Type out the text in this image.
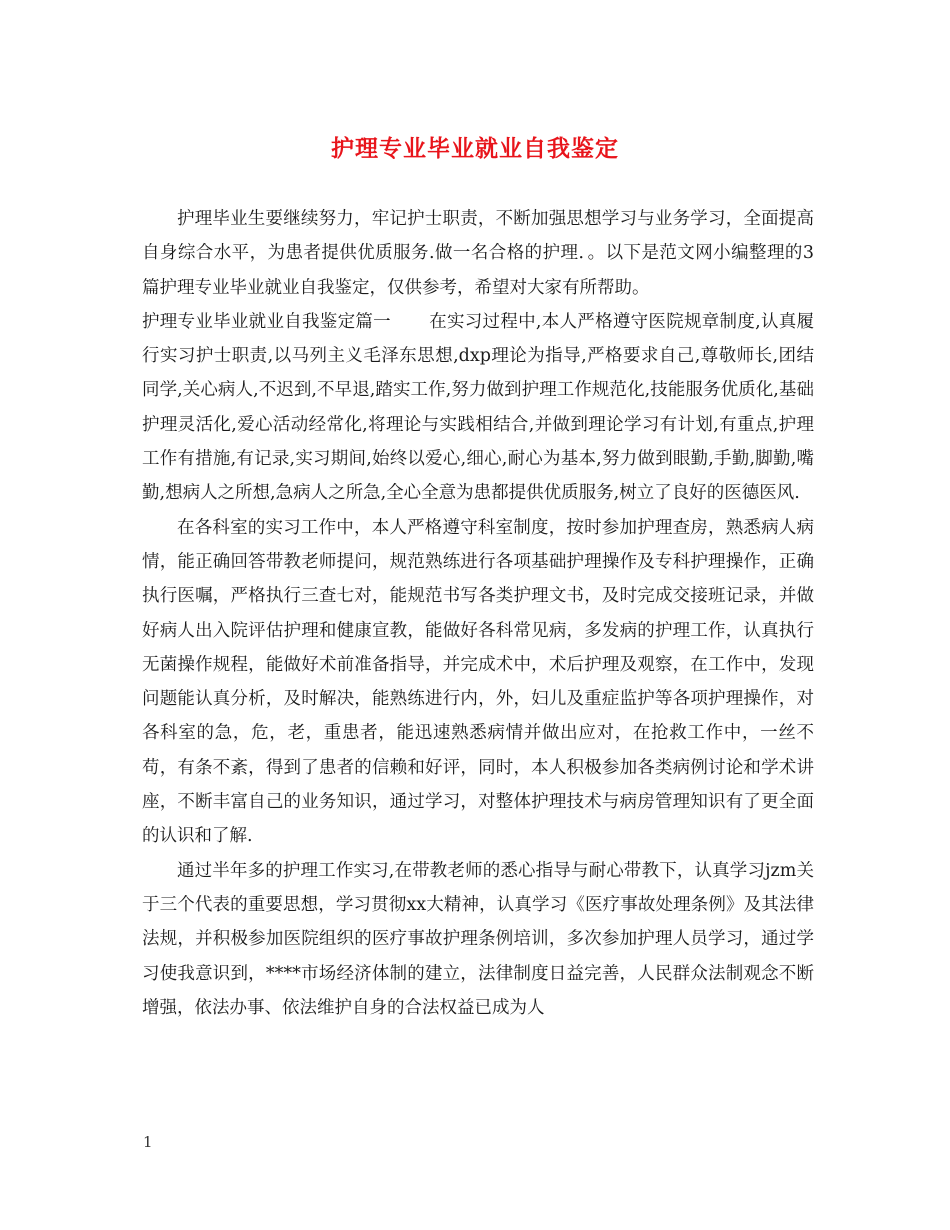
护理专业毕业就业自我鉴定

护理毕业生要继续努力，牢记护士职责，不断加强思想学习与业务学习，全面提高自身综合水平，为患者提供优质服务.做一名合格的护理．。以下是范文网小编整理的3篇护理专业毕业就业自我鉴定，仅供参考，希望对大家有所帮助。

护理专业毕业就业自我鉴定篇一 在实习过程中,本人严格遵守医院规章制度,认真履行实习护士职责,以马列主义毛泽东思想,dxp理论为指导,严格要求自己,尊敬师长,团结同学,关心病人,不迟到,不早退,踏实工作,努力做到护理工作规范化,技能服务优质化,基础护理灵活化,爱心活动经常化,将理论与实践相结合,并做到理论学习有计划,有重点,护理工作有措施,有记录,实习期间,始终以爱心,细心,耐心为基本,努力做到眼勤,手勤,脚勤,嘴勤,想病人之所想,急病人之所急,全心全意为患都提供优质服务,树立了良好的医德医风.

在各科室的实习工作中，本人严格遵守科室制度，按时参加护理查房，熟悉病人病情，能正确回答带教老师提问，规范熟练进行各项基础护理操作及专科护理操作，正确执行医嘱，严格执行三查七对，能规范书写各类护理文书，及时完成交接班记录，并做好病人出入院评估护理和健康宣教，能做好各科常见病，多发病的护理工作，认真执行无菌操作规程，能做好术前准备指导，并完成术中，术后护理及观察，在工作中，发现问题能认真分析，及时解决，能熟练进行内，外，妇儿及重症监护等各项护理操作，对各科室的急，危，老，重患者，能迅速熟悉病情并做出应对，在抢救工作中，一丝不苟，有条不紊，得到了患者的信赖和好评，同时，本人积极参加各类病例讨论和学术讲座，不断丰富自己的业务知识，通过学习，对整体护理技术与病房管理知识有了更全面的认识和了解.

通过半年多的护理工作实习,在带教老师的悉心指导与耐心带教下，认真学习jzm关于三个代表的重要思想，学习贯彻xx大精神，认真学习《医疗事故处理条例》及其法律法规，并积极参加医院组织的医疗事故护理条例培训，多次参加护理人员学习，通过学习使我意识到，****市场经济体制的建立，法律制度日益完善，人民群众法制观念不断增强，依法办事、依法维护自身的合法权益已成为人

1
